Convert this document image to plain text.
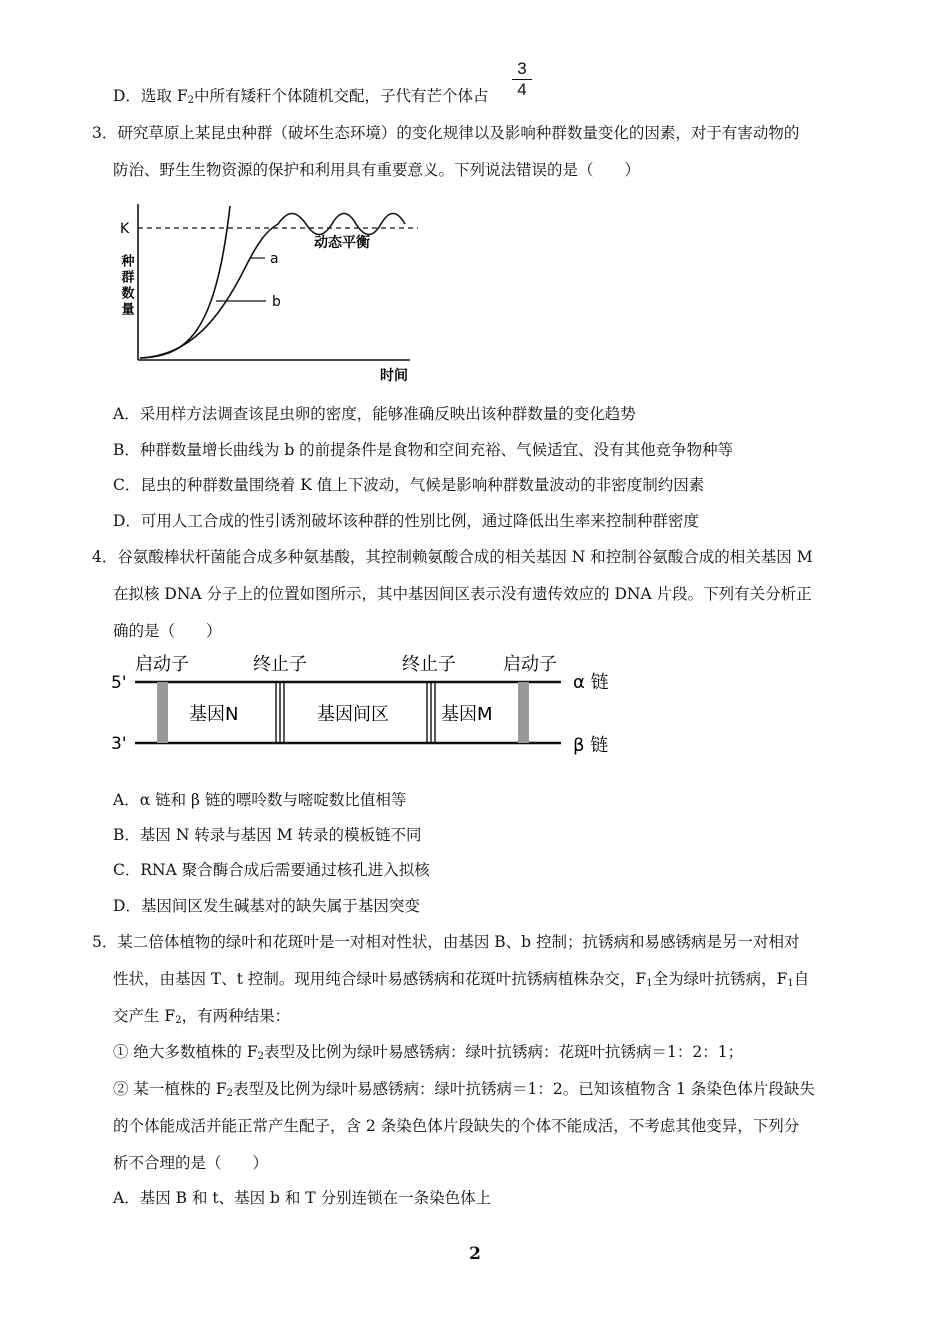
D．选取 $F_2$中所有矮秆个体随机交配，子代有芒个体占
3
4
3．研究草原上某昆虫种群（破坏生态环境）的变化规律以及影响种群数量变化的因素，对于有害动物的
防治、野生生物资源的保护和利用具有重要意义。下列说法错误的是（　　）
K
种群数量	a
b
动态平衡
时间
A．采用样方法调查该昆虫卵的密度，能够准确反映出该种群数量的变化趋势
B．种群数量增长曲线为 b 的前提条件是食物和空间充裕、气候适宜、没有其他竞争物种等
C．昆虫的种群数量围绕着 K 值上下波动，气候是影响种群数量波动的非密度制约因素
D．可用人工合成的性引诱剂破坏该种群的性别比例，通过降低出生率来控制种群密度
4．谷氨酸棒状杆菌能合成多种氨基酸，其控制赖氨酸合成的相关基因 N 和控制谷氨酸合成的相关基因 M
在拟核 DNA 分子上的位置如图所示，其中基因间区表示没有遗传效应的 DNA 片段。下列有关分析正
确的是（　　）
启动子	终止子	终止子	启动子
5'
3'
基因N	基因间区	基因M
α 链
β 链
A．α 链和 β 链的嘌呤数与嘧啶数比值相等
B．基因 N 转录与基因 M 转录的模板链不同
C．RNA 聚合酶合成后需要通过核孔进入拟核
D．基因间区发生碱基对的缺失属于基因突变
5．某二倍体植物的绿叶和花斑叶是一对相对性状，由基因 B、b 控制；抗锈病和易感锈病是另一对相对
性状，由基因 T、t 控制。现用纯合绿叶易感锈病和花斑叶抗锈病植株杂交，$F_1$全为绿叶抗锈病，$F_1$自
交产生 $F_2$，有两种结果：
① 绝大多数植株的 $F_2$表型及比例为绿叶易感锈病：绿叶抗锈病：花斑叶抗锈病＝1：2：1；
② 某一植株的 $F_2$表型及比例为绿叶易感锈病：绿叶抗锈病＝1：2。已知该植物含 1 条染色体片段缺失
的个体能成活并能正常产生配子，含 2 条染色体片段缺失的个体不能成活，不考虑其他变异，下列分
析不合理的是（　　）
A．基因 B 和 t、基因 b 和 T 分别连锁在一条染色体上
2
